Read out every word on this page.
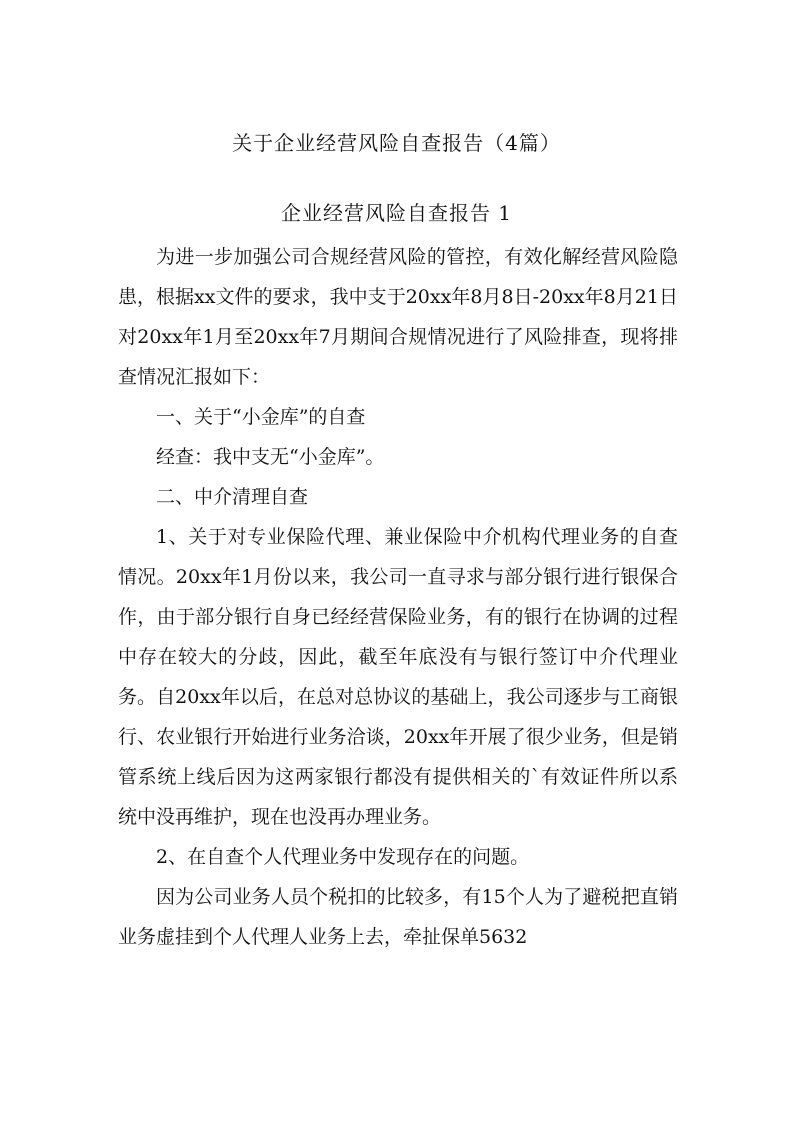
关于企业经营风险自查报告（4篇）
企业经营风险自查报告 1

为进一步加强公司合规经营风险的管控，有效化解经营风险隐患，根据xx文件的要求，我中支于20xx年8月8日-20xx年8月21日对20xx年1月至20xx年7月期间合规情况进行了风险排查，现将排查情况汇报如下：

一、关于“小金库”的自查

经查：我中支无“小金库”。

二、中介清理自查

1、关于对专业保险代理、兼业保险中介机构代理业务的自查情况。20xx年1月份以来，我公司一直寻求与部分银行进行银保合作，由于部分银行自身已经经营保险业务，有的银行在协调的过程中存在较大的分歧，因此，截至年底没有与银行签订中介代理业务。自20xx年以后，在总对总协议的基础上，我公司逐步与工商银行、农业银行开始进行业务洽谈，20xx年开展了很少业务，但是销管系统上线后因为这两家银行都没有提供相关的`有效证件所以系统中没再维护，现在也没再办理业务。

2、在自查个人代理业务中发现存在的问题。

因为公司业务人员个税扣的比较多，有15个人为了避税把直销业务虚挂到个人代理人业务上去，牵扯保单5632
